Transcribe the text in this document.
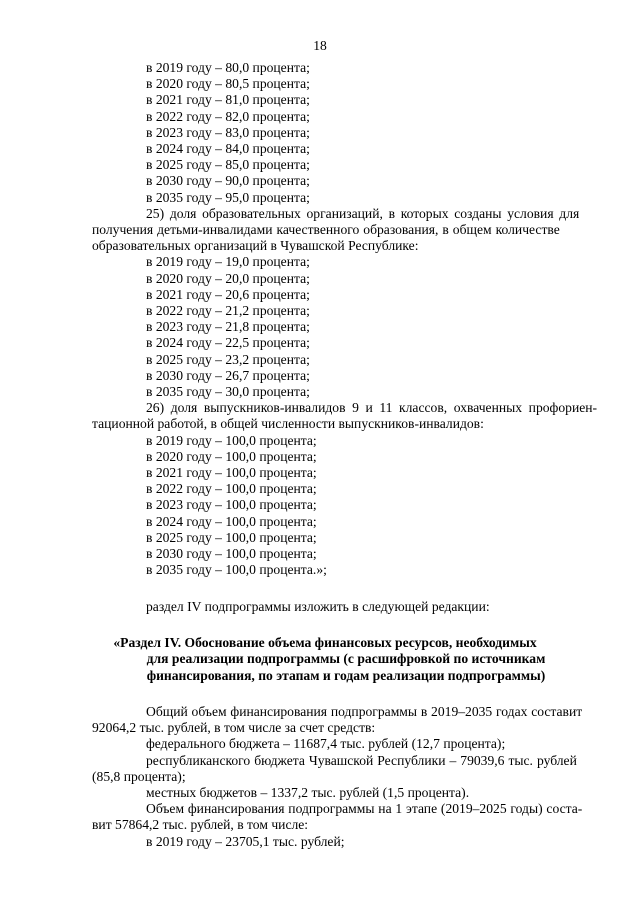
18
в 2019 году – 80,0 процента;
в 2020 году – 80,5 процента;
в 2021 году – 81,0 процента;
в 2022 году – 82,0 процента;
в 2023 году – 83,0 процента;
в 2024 году – 84,0 процента;
в 2025 году – 85,0 процента;
в 2030 году – 90,0 процента;
в 2035 году – 95,0 процента;
25) доля образовательных организаций, в которых созданы условия для
получения детьми-инвалидами качественного образования, в общем количестве
образовательных организаций в Чувашской Республике:
в 2019 году – 19,0 процента;
в 2020 году – 20,0 процента;
в 2021 году – 20,6 процента;
в 2022 году – 21,2 процента;
в 2023 году – 21,8 процента;
в 2024 году – 22,5 процента;
в 2025 году – 23,2 процента;
в 2030 году – 26,7 процента;
в 2035 году – 30,0 процента;
26) доля выпускников-инвалидов 9 и 11 классов, охваченных профориен-
тационной работой, в общей численности выпускников-инвалидов:
в 2019 году – 100,0 процента;
в 2020 году – 100,0 процента;
в 2021 году – 100,0 процента;
в 2022 году – 100,0 процента;
в 2023 году – 100,0 процента;
в 2024 году – 100,0 процента;
в 2025 году – 100,0 процента;
в 2030 году – 100,0 процента;
в 2035 году – 100,0 процента.»;
раздел IV подпрограммы изложить в следующей редакции:
«Раздел IV. Обоснование объема финансовых ресурсов, необходимых
для реализации подпрограммы (с расшифровкой по источникам
финансирования, по этапам и годам реализации подпрограммы)
Общий объем финансирования подпрограммы в 2019–2035 годах составит
92064,2 тыс. рублей, в том числе за счет средств:
федерального бюджета – 11687,4 тыс. рублей (12,7 процента);
республиканского бюджета Чувашской Республики – 79039,6 тыс. рублей
(85,8 процента);
местных бюджетов – 1337,2 тыс. рублей (1,5 процента).
Объем финансирования подпрограммы на 1 этапе (2019–2025 годы) соста-
вит 57864,2 тыс. рублей, в том числе:
в 2019 году – 23705,1 тыс. рублей;
